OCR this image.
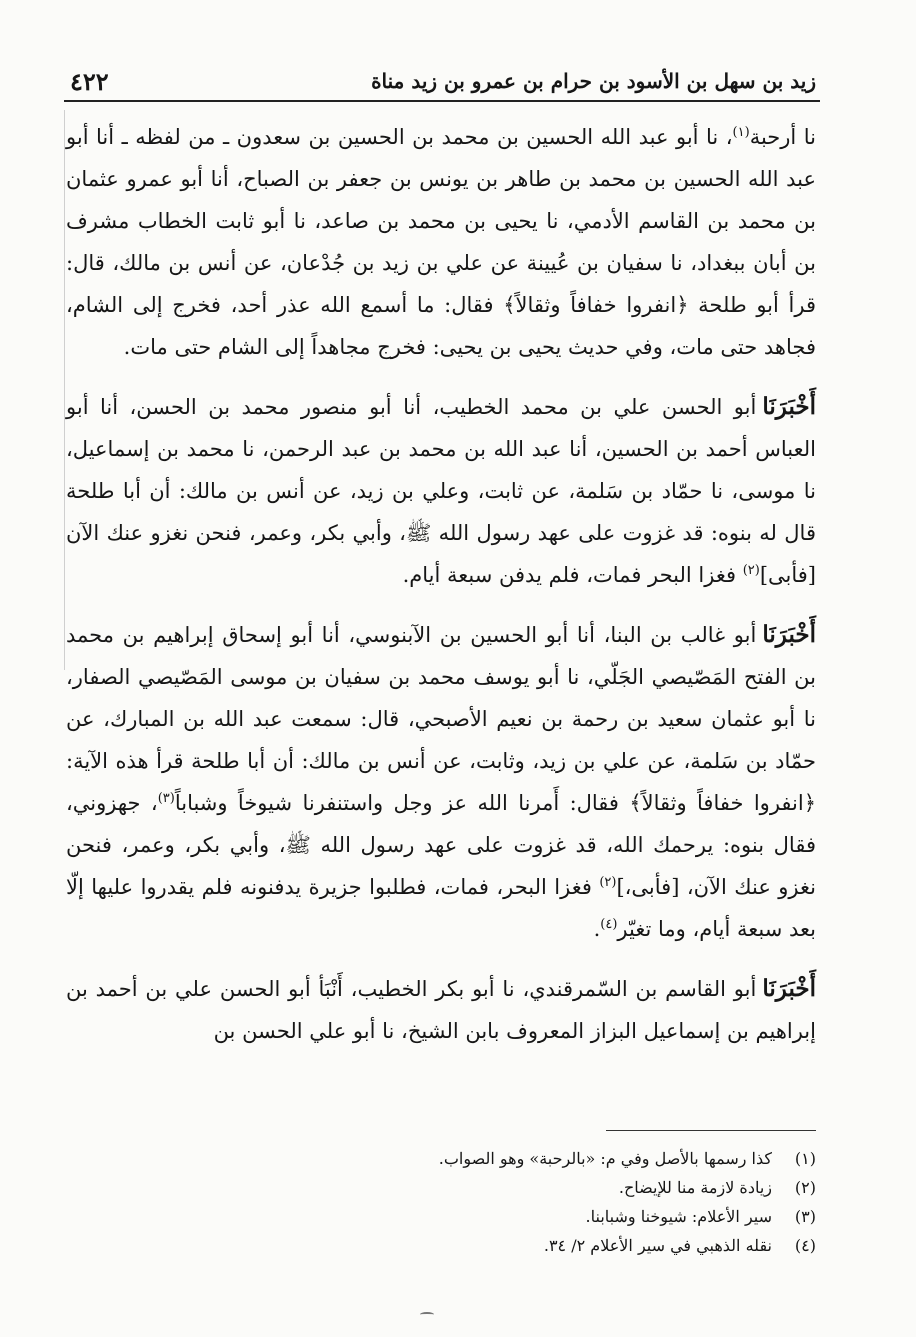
٤٢٢	زيد بن سهل بن الأسود بن حرام بن عمرو بن زيد مناة

نا أرحبة$^{(١)}$، نا أبو عبد الله الحسين بن محمد بن الحسين بن سعدون ـ من لفظه ـ أنا أبو عبد الله الحسين بن محمد بن طاهر بن يونس بن جعفر بن الصباح، أنا أبو عمرو عثمان بن محمد بن القاسم الأدمي، نا يحيى بن محمد بن صاعد، نا أبو ثابت الخطاب مشرف بن أبان ببغداد، نا سفيان بن عُيينة عن علي بن زيد بن جُدْعان، عن أنس بن مالك، قال: قرأ أبو طلحة ﴿انفروا خفافاً وثقالاً﴾ فقال: ما أسمع الله عذر أحد، فخرج إلى الشام، فجاهد حتى مات، وفي حديث يحيى بن يحيى: فخرج مجاهداً إلى الشام حتى مات.

أَخْبَرَنَاأبو الحسن علي بن محمد الخطيب، أنا أبو منصور محمد بن الحسن، أنا أبو العباس أحمد بن الحسين، أنا عبد الله بن محمد بن عبد الرحمن، نا محمد بن إسماعيل، نا موسى، نا حمّاد بن سَلمة، عن ثابت، وعلي بن زيد، عن أنس بن مالك: أن أبا طلحة قال له بنوه: قد غزوت على عهد رسول الله ﷺ، وأبي بكر، وعمر، فنحن نغزو عنك الآن [فأبى]$^{(٢)}$ فغزا البحر فمات، فلم يدفن سبعة أيام.

أَخْبَرَنَاأبو غالب بن البنا، أنا أبو الحسين بن الآبنوسي، أنا أبو إسحاق إبراهيم بن محمد بن الفتح المَصّيصي الجَلّي، نا أبو يوسف محمد بن سفيان بن موسى المَصّيصي الصفار، نا أبو عثمان سعيد بن رحمة بن نعيم الأصبحي، قال: سمعت عبد الله بن المبارك، عن حمّاد بن سَلمة، عن علي بن زيد، وثابت، عن أنس بن مالك: أن أبا طلحة قرأ هذه الآية: ﴿انفروا خفافاً وثقالاً﴾ فقال: أَمرنا الله عز وجل واستنفرنا شيوخاً وشباباً$^{(٣)}$، جهزوني، فقال بنوه: يرحمك الله، قد غزوت على عهد رسول الله ﷺ، وأبي بكر، وعمر، فنحن نغزو عنك الآن، [فأبى،]$^{(٢)}$ فغزا البحر، فمات، فطلبوا جزيرة يدفنونه فلم يقدروا عليها إلّا بعد سبعة أيام، وما تغيّر$^{(٤)}$.

أَخْبَرَنَاأبو القاسم بن السّمرقندي، نا أبو بكر الخطيب، أَنْبَأ أبو الحسن علي بن أحمد بن إبراهيم بن إسماعيل البزاز المعروف بابن الشيخ، نا أبو علي الحسن بن

(١)
كذا رسمها بالأصل وفي م: «بالرحبة» وهو الصواب.
(٢)
زيادة لازمة منا للإيضاح.
(٣)
سير الأعلام: شيوخنا وشبابنا.
(٤)
نقله الذهبي في سير الأعلام ٢/ ٣٤.
